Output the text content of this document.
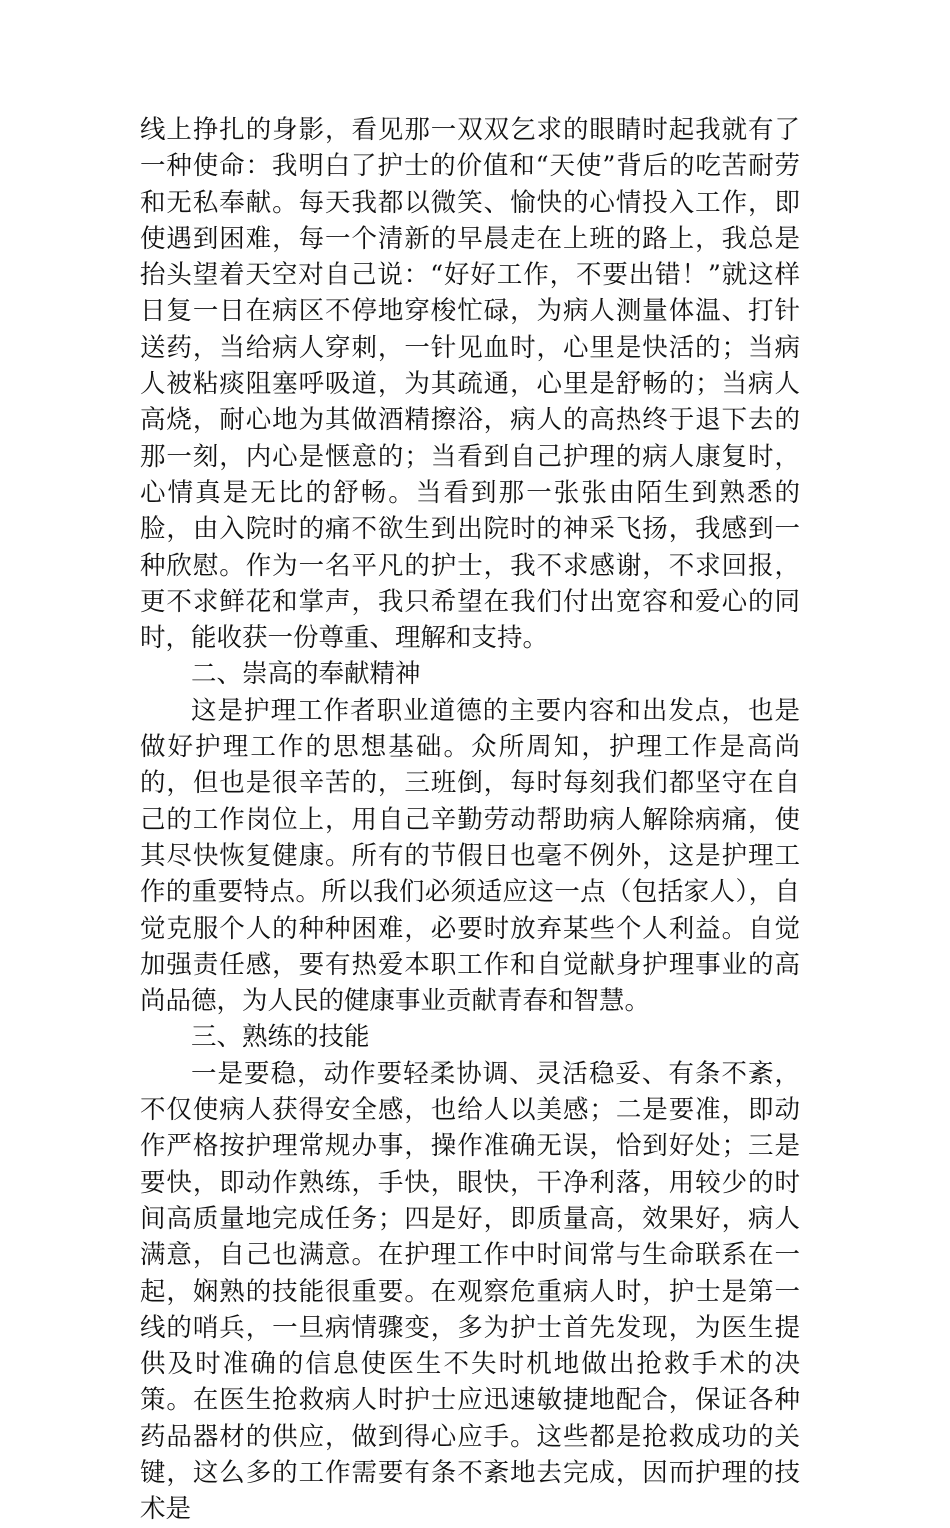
线上挣扎的身影，看见那一双双乞求的眼睛时起我就有了一种使命：我明白了护士的价值和“天使”背后的吃苦耐劳和无私奉献。每天我都以微笑、愉快的心情投入工作，即使遇到困难，每一个清新的早晨走在上班的路上，我总是抬头望着天空对自己说：“好好工作，不要出错！”就这样日复一日在病区不停地穿梭忙碌，为病人测量体温、打针送药，当给病人穿刺，一针见血时，心里是快活的；当病人被粘痰阻塞呼吸道，为其疏通，心里是舒畅的；当病人高烧，耐心地为其做酒精擦浴，病人的高热终于退下去的那一刻，内心是惬意的；当看到自己护理的病人康复时，心情真是无比的舒畅。当看到那一张张由陌生到熟悉的脸，由入院时的痛不欲生到出院时的神采飞扬，我感到一种欣慰。作为一名平凡的护士，我不求感谢，不求回报，更不求鲜花和掌声，我只希望在我们付出宽容和爱心的同时，能收获一份尊重、理解和支持。

二、崇高的奉献精神

这是护理工作者职业道德的主要内容和出发点，也是做好护理工作的思想基础。众所周知，护理工作是高尚的，但也是很辛苦的，三班倒，每时每刻我们都坚守在自己的工作岗位上，用自己辛勤劳动帮助病人解除病痛，使其尽快恢复健康。所有的节假日也毫不例外，这是护理工作的重要特点。所以我们必须适应这一点（包括家人），自觉克服个人的种种困难，必要时放弃某些个人利益。自觉加强责任感，要有热爱本职工作和自觉献身护理事业的高尚品德，为人民的健康事业贡献青春和智慧。

三、熟练的技能

一是要稳，动作要轻柔协调、灵活稳妥、有条不紊，不仅使病人获得安全感，也给人以美感；二是要准，即动作严格按护理常规办事，操作准确无误，恰到好处；三是要快，即动作熟练，手快，眼快，干净利落，用较少的时间高质量地完成任务；四是好，即质量高，效果好，病人满意，自己也满意。在护理工作中时间常与生命联系在一起，娴熟的技能很重要。在观察危重病人时，护士是第一线的哨兵，一旦病情骤变，多为护士首先发现，为医生提供及时准确的信息使医生不失时机地做出抢救手术的决策。在医生抢救病人时护士应迅速敏捷地配合，保证各种药品器材的供应，做到得心应手。这些都是抢救成功的关键，这么多的工作需要有条不紊地去完成，因而护理的技术是
